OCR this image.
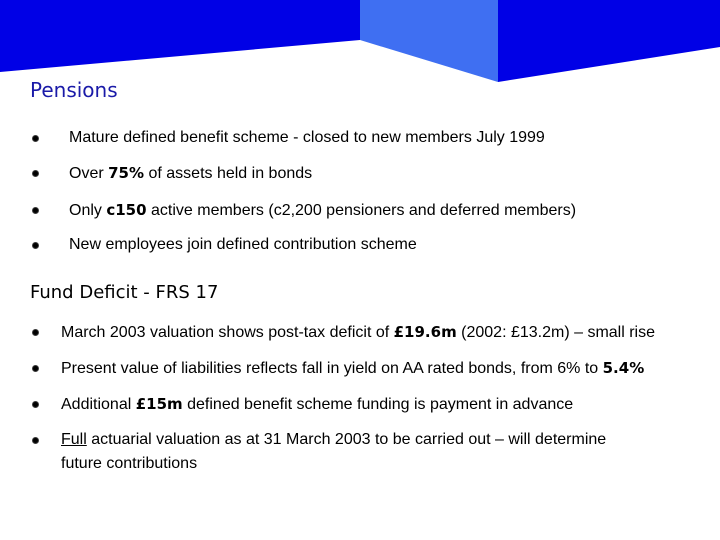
Pensions
Mature defined benefit scheme - closed to new members July 1999
Over 75% of assets held in bonds
Only c150 active members (c2,200 pensioners and deferred members)
New employees join defined contribution scheme
Fund Deficit - FRS 17
March 2003 valuation shows post-tax deficit of £19.6m (2002: £13.2m) – small rise
Present value of liabilities reflects fall in yield on AA rated bonds, from 6% to 5.4%
Additional £15m defined benefit scheme funding is payment in advance
Full actuarial valuation as at 31 March 2003 to be carried out – will determine
future contributions
